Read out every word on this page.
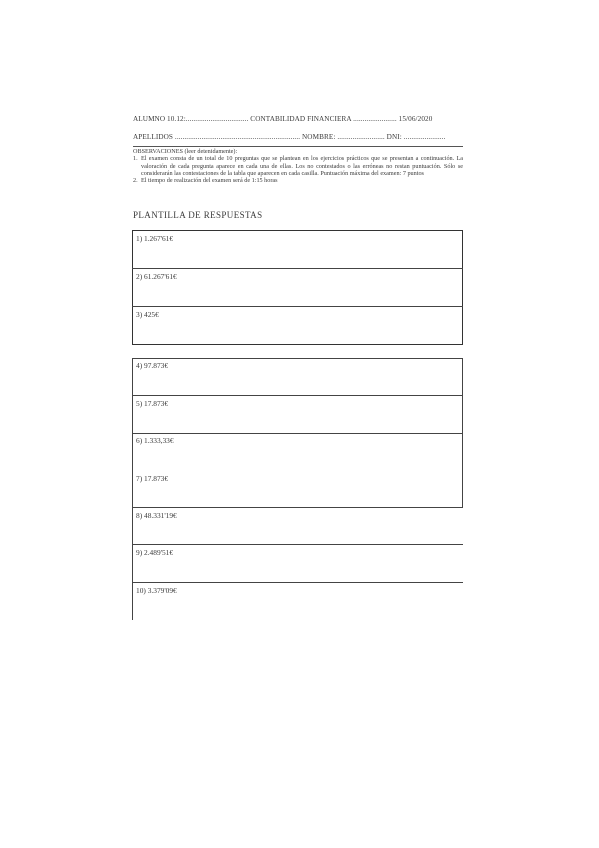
ALUMNO 10.12:................................. CONTABILIDAD FINANCIERA ....................... 15/06/2020
APELLIDOS .................................................................. NOMBRE: ......................... DNI: ......................
OBSERVACIONES (leer detenidamente):
1. El examen consta de un total de 10 preguntas que se plantean en los ejercicios prácticos que se presentan a continuación. La valoración de cada pregunta aparece en cada una de ellas. Los no contestados o las erróneas no restan puntuación. Sólo se considerarán las contestaciones de la tabla que aparecen en cada casilla. Puntuación máxima del examen: 7 puntos
2. El tiempo de realización del examen será de 1:15 horas
PLANTILLA DE RESPUESTAS
1) 1.267'61€
2) 61.267'61€
3) 425€
4) 97.873€
5) 17.873€
6) 1.333,33€
7) 17.873€
8) 48.331'19€
9) 2.489'51€
10) 3.379'09€
